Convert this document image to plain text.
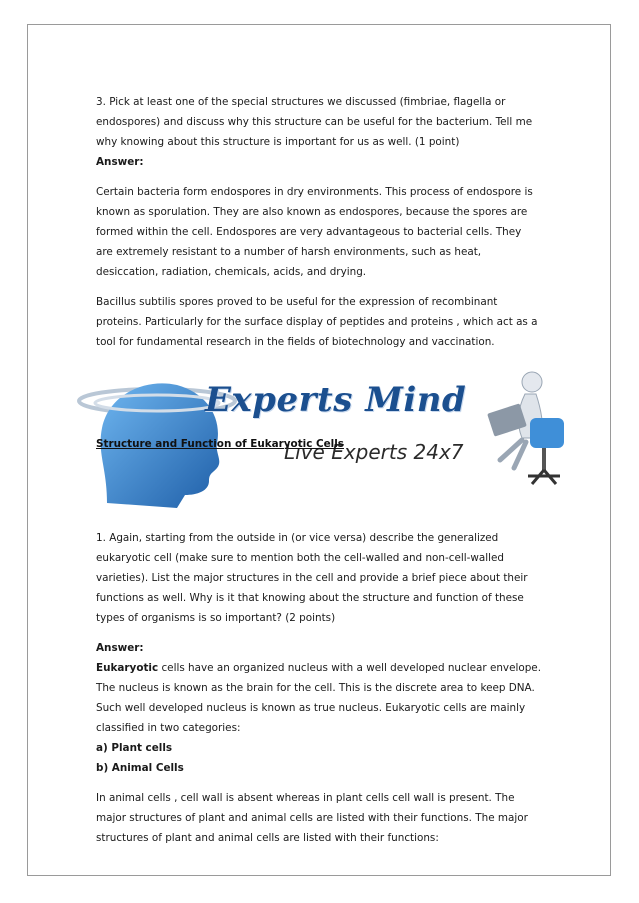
3. Pick at least one of the special structures we discussed (fimbriae, flagella or endospores) and discuss why this structure can be useful for the bacterium. Tell me why knowing about this structure is important for us as well. (1 point)

Answer:

Certain bacteria form endospores in dry environments. This process of endospore is known as sporulation. They are also known as endospores, because the spores are formed within the cell. Endospores are very advantageous to bacterial cells. They are extremely resistant to a number of harsh environments, such as heat, desiccation, radiation, chemicals, acids, and drying.

Bacillus subtilis spores proved to be useful for the expression of recombinant proteins. Particularly for the surface display of peptides and proteins , which act as a tool for fundamental research in the fields of biotechnology and vaccination.

Experts Mind
Live Experts 24x7
Structure and Function of Eukaryotic Cells

1. Again, starting from the outside in (or vice versa) describe the generalized eukaryotic cell (make sure to mention both the cell-walled and non-cell-walled varieties). List the major structures in the cell and provide a brief piece about their functions as well. Why is it that knowing about the structure and function of these types of organisms is so important? (2 points)

Answer:

Eukaryotic cells have an organized nucleus with a well developed nuclear envelope. The nucleus is known as the brain for the cell. This is the discrete area to keep DNA. Such well developed nucleus is known as true nucleus. Eukaryotic cells are mainly classified in two categories:

a) Plant cells

b) Animal Cells

In animal cells , cell wall is absent whereas in plant cells cell wall is present. The major structures of plant and animal cells are listed with their functions. The major structures of plant and animal cells are listed with their functions:
